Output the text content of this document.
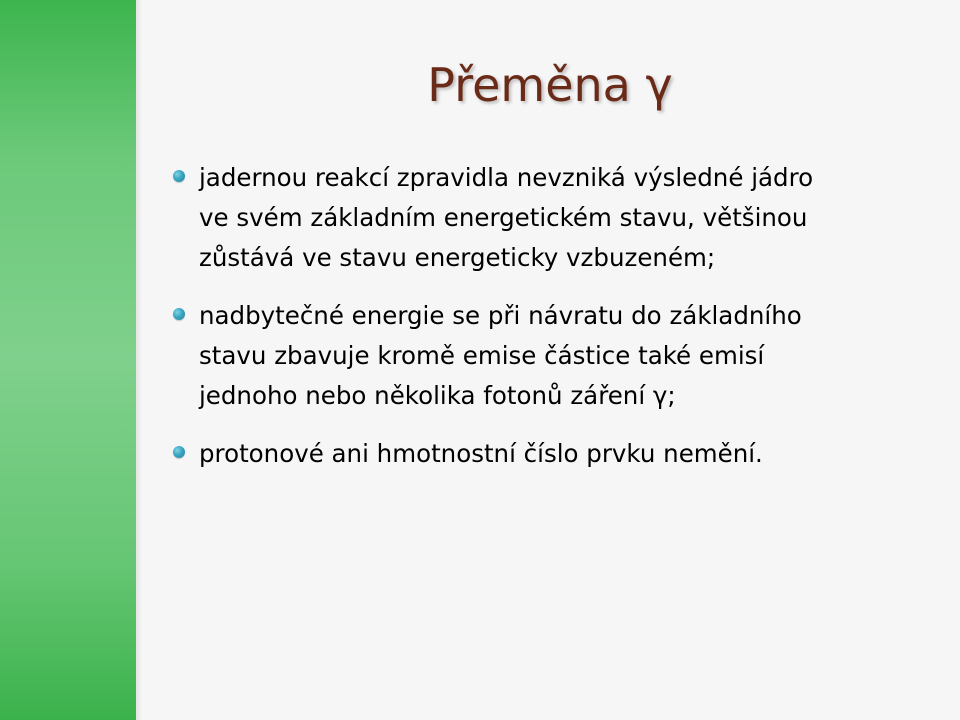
Přeměna γ
jadernou reakcí zpravidla nevzniká výsledné jádro
ve svém základním energetickém stavu, většinou
zůstává ve stavu energeticky vzbuzeném;
nadbytečné energie se při návratu do základního
stavu zbavuje kromě emise částice také emisí
jednoho nebo několika fotonů záření γ;
protonové ani hmotnostní číslo prvku nemění.
